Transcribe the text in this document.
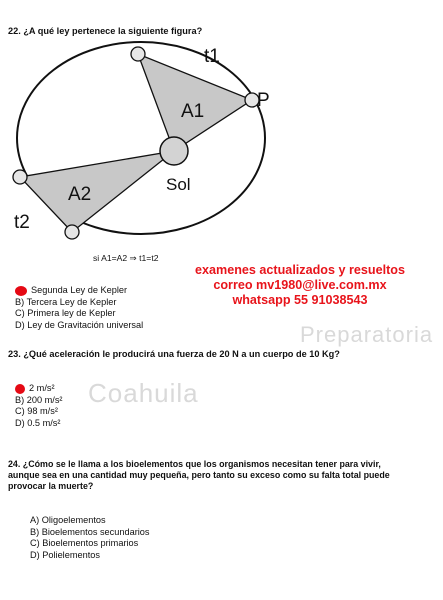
22. ¿A qué ley pertenece la siguiente figura?
t1
P
A1
A2	Sol
t2
si A1=A2 ⇒ t1=t2
Preparatoria
Coahuila
examenes actualizados y resueltos
correo mv1980@live.com.mx
whatsapp 55 91038543
Segunda Ley de Kepler
B) Tercera Ley de Kepler
C) Primera ley de Kepler
D) Ley de Gravitación universal
23. ¿Qué aceleración le producirá una fuerza de 20 N a un cuerpo de 10 Kg?
2 m/s²
B) 200 m/s²
C) 98 m/s²
D) 0.5 m/s²
24. ¿Cómo se le llama a los bioelementos que los organismos necesitan tener para vivir,
aunque sea en una cantidad muy pequeña, pero tanto su exceso como su falta total puede
provocar la muerte?
A) Oligoelementos
B) Bioelementos secundarios
C) Bioelementos primarios
D) Polielementos
